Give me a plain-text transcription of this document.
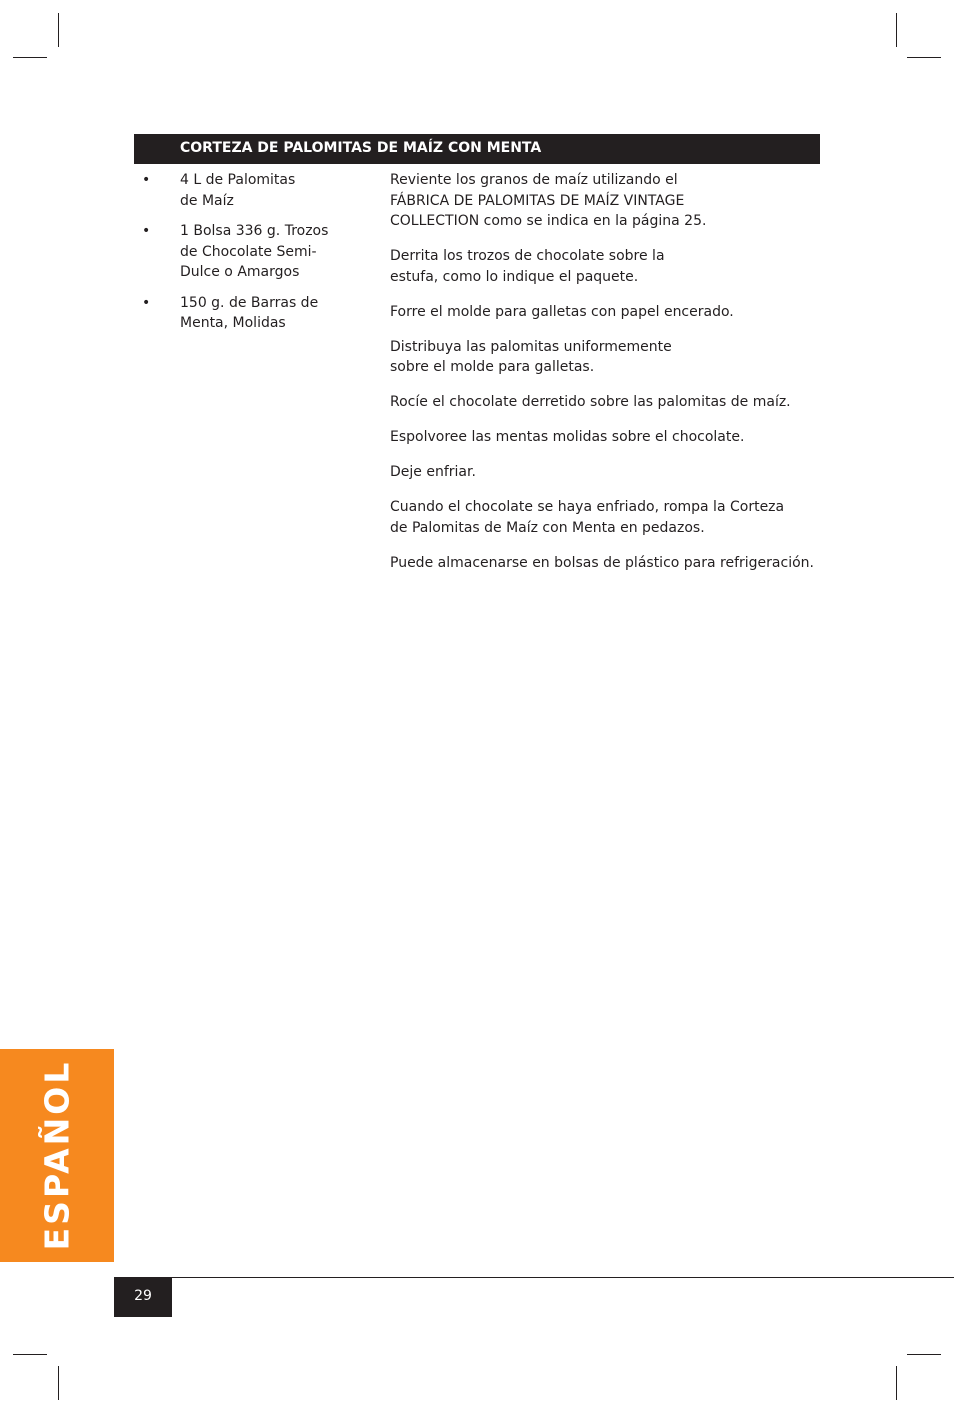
CORTEZA DE PALOMITAS DE MAÍZ CON MENTA
• 4 L de Palomitas
de Maíz
• 1 Bolsa 336 g. Trozos
de Chocolate Semi-
Dulce o Amargos
• 150 g. de Barras de
Menta, Molidas

Reviente los granos de maíz utilizando el
FÁBRICA DE PALOMITAS DE MAÍZ VINTAGE
COLLECTION como se indica en la página 25.

Derrita los trozos de chocolate sobre la
estufa, como lo indique el paquete.

Forre el molde para galletas con papel encerado.

Distribuya las palomitas uniformemente
sobre el molde para galletas.

Rocíe el chocolate derretido sobre las palomitas de maíz.

Espolvoree las mentas molidas sobre el chocolate.

Deje enfriar.

Cuando el chocolate se haya enfriado, rompa la Corteza
de Palomitas de Maíz con Menta en pedazos.

Puede almacenarse en bolsas de plástico para refrigeración.

ESPAÑOL
29
